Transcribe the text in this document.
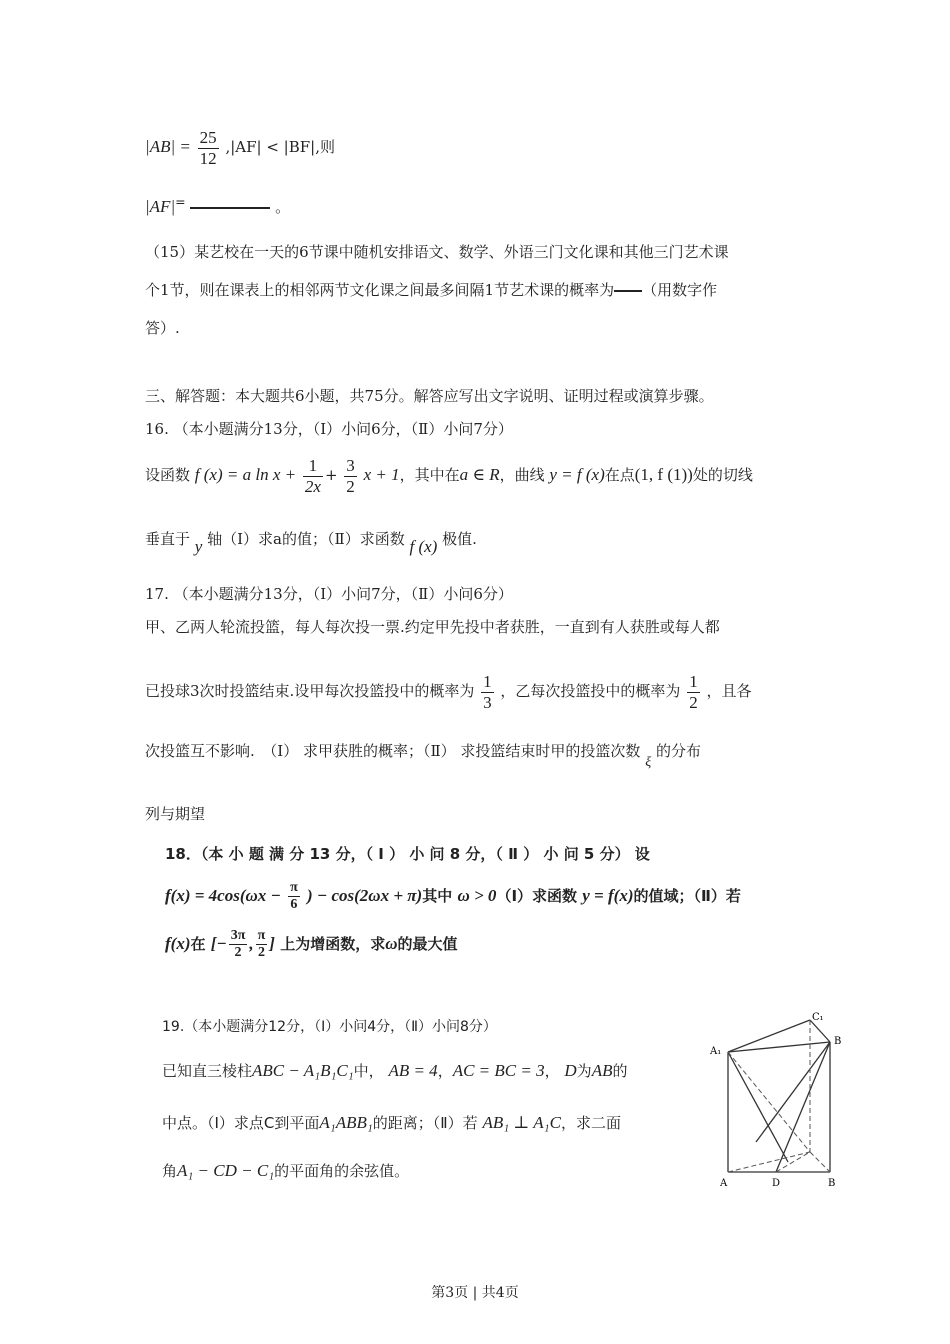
$|AB| = \frac{25}{12} ,|AF| < |BF|$,则
|AF|=	。
（15）某艺校在一天的6节课中随机安排语文、数学、外语三门文化课和其他三门艺术课
个1节，则在课表上的相邻两节文化课之间最多间隔1节艺术课的概率为 （用数字作
答）.
三、解答题：本大题共6小题，共75分。解答应写出文字说明、证明过程或演算步骤。
16. （本小题满分13分，（Ⅰ）小问6分，（Ⅱ）小问7分）
设函数 f (x) = a $\ln x + \frac{1}{2x} + \frac{3}{2}$ x + 1，其中在a ∈ R，曲线 y = f (x)在点(1, f (1))处的切线
垂直于 y 轴（Ⅰ）求a的值；（Ⅱ）求函数 f (x) 极值.
17. （本小题满分13分，（Ⅰ）小问7分，（Ⅱ）小问6分）
甲、乙两人轮流投篮，每人每次投一票.约定甲先投中者获胜，一直到有人获胜或每人都
已投球3次时投篮结束.设甲每次投篮投中的概率为 $\frac{1}{3}$ ，乙每次投篮投中的概率为 $\frac{1}{2}$ ，且各
次投篮互不影响.　（Ⅰ） 求甲获胜的概率；（Ⅱ） 求投篮结束时甲的投篮次数 ξ 的分布
列与期望
18．（本 小 题 满 分 13 分，（ Ⅰ ） 小 问 8 分，（ Ⅱ ） 小 问 5 分） 设
$f(x) = 4\cos(\omega x - \frac{\pi}{6}$ ) − cos(2ωx + π)其中 ω > 0（Ⅰ）求函数 y = f(x)的值域；（Ⅱ）若
f(x)在 [− $\frac{3\pi}{2}$ , $\frac{\pi}{2}$ ] 上为增函数，求ω的最大值
19.（本小题满分12分，（Ⅰ）小问4分，（Ⅱ）小问8分）
已知直三棱柱ABC − A₁B₁C₁中， AB = 4，AC = BC = 3， D为AB的
中点。（Ⅰ）求点C到平面A₁ABB₁的距离；（Ⅱ）若 AB₁ ⊥ A₁C，求二面
角A₁ − CD − C₁的平面角的余弦值。
C₁
A₁
B
A	D	B
第3页 | 共4页
